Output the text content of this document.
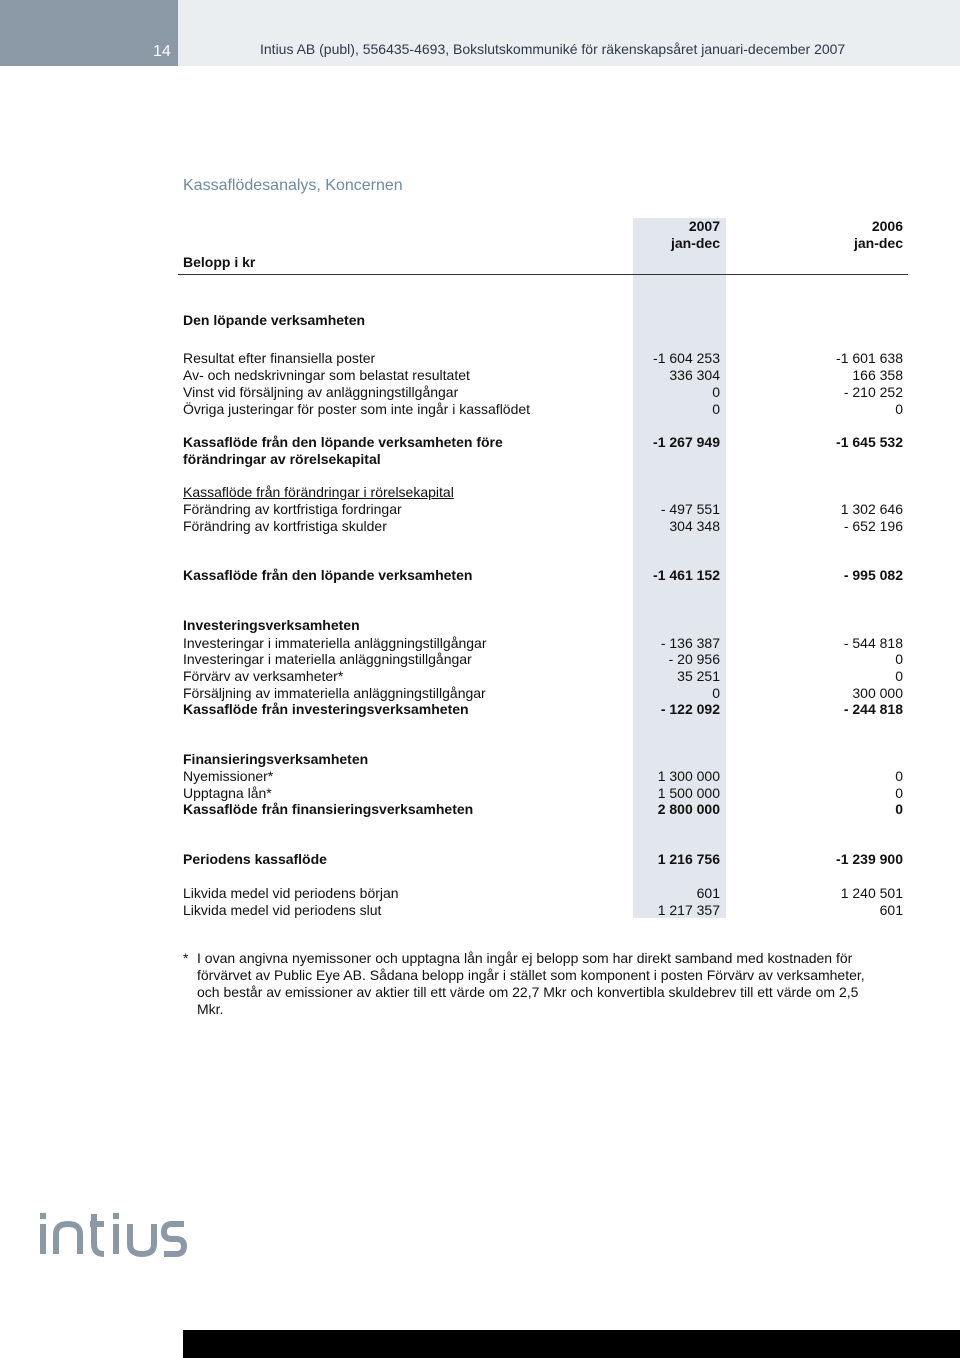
14	Intius AB (publ), 556435-4693, Bokslutskommuniké för räkenskapsåret januari-december 2007
Kassaflödesanalys, Koncernen
2007
jan-dec
2006
jan-dec
Belopp i kr
Den löpande verksamheten
Resultat efter finansiella poster	-1 604 253	-1 601 638
Av- och nedskrivningar som belastat resultatet	336 304	166 358
Vinst vid försäljning av anläggningstillgångar	0	- 210 252
Övriga justeringar för poster som inte ingår i kassaflödet	0	0
Kassaflöde från den löpande verksamheten före
förändringar av rörelsekapital
-1 267 949	-1 645 532
Kassaflöde från förändringar i rörelsekapital
Förändring av kortfristiga fordringar	- 497 551	1 302 646
Förändring av kortfristiga skulder	304 348	- 652 196
Kassaflöde från den löpande verksamheten	-1 461 152	- 995 082
Investeringsverksamheten
Investeringar i immateriella anläggningstillgångar	- 136 387	- 544 818
Investeringar i materiella anläggningstillgångar	- 20 956	0
Förvärv av verksamheter*	35 251	0
Försäljning av immateriella anläggningstillgångar	0	300 000
Kassaflöde från investeringsverksamheten	- 122 092	- 244 818
Finansieringsverksamheten
Nyemissioner*	1 300 000	0
Upptagna lån*	1 500 000	0
Kassaflöde från finansieringsverksamheten	2 800 000	0
Periodens kassaflöde	1 216 756	-1 239 900
Likvida medel vid periodens början	601	1 240 501
Likvida medel vid periodens slut	1 217 357	601
* I ovan angivna nyemissoner och upptagna lån ingår ej belopp som har direkt samband med kostnaden för förvärvet av Public Eye AB. Sådana belopp ingår i stället som komponent i posten Förvärv av verksamheter, och består av emissioner av aktier till ett värde om 22,7 Mkr och konvertibla skuldebrev till ett värde om 2,5 Mkr.
